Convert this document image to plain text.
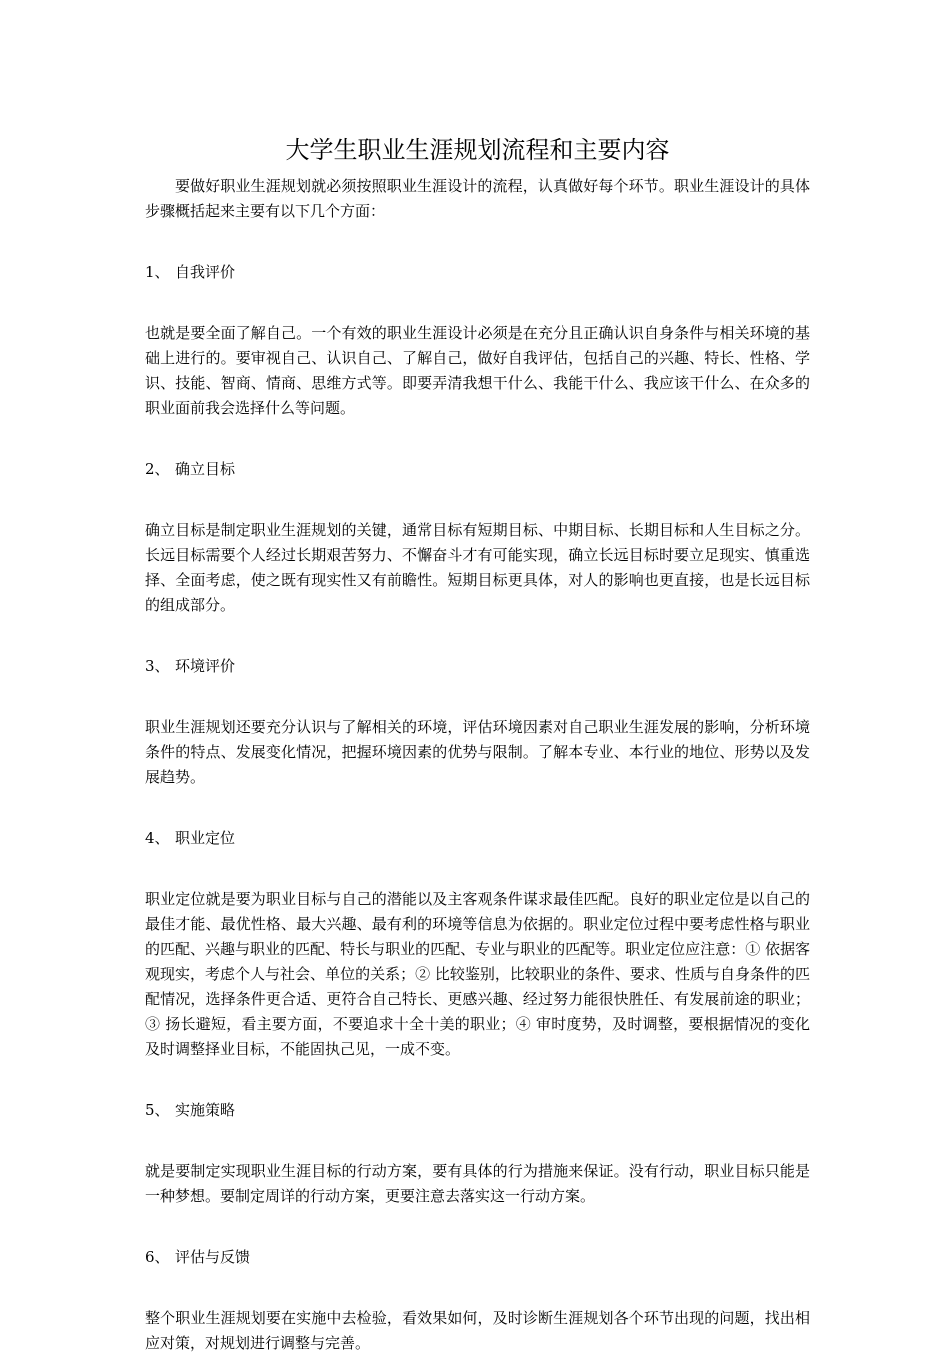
大学生职业生涯规划流程和主要内容

要做好职业生涯规划就必须按照职业生涯设计的流程，认真做好每个环节。职业生涯设计的具体步骤概括起来主要有以下几个方面：

1、 自我评价

也就是要全面了解自己。一个有效的职业生涯设计必须是在充分且正确认识自身条件与相关环境的基础上进行的。要审视自己、认识自己、了解自己，做好自我评估，包括自己的兴趣、特长、性格、学识、技能、智商、情商、思维方式等。即要弄清我想干什么、我能干什么、我应该干什么、在众多的职业面前我会选择什么等问题。

2、 确立目标

确立目标是制定职业生涯规划的关键，通常目标有短期目标、中期目标、长期目标和人生目标之分。长远目标需要个人经过长期艰苦努力、不懈奋斗才有可能实现，确立长远目标时要立足现实、慎重选择、全面考虑，使之既有现实性又有前瞻性。短期目标更具体，对人的影响也更直接，也是长远目标的组成部分。

3、 环境评价

职业生涯规划还要充分认识与了解相关的环境，评估环境因素对自己职业生涯发展的影响，分析环境条件的特点、发展变化情况，把握环境因素的优势与限制。了解本专业、本行业的地位、形势以及发展趋势。

4、 职业定位

职业定位就是要为职业目标与自己的潜能以及主客观条件谋求最佳匹配。良好的职业定位是以自己的最佳才能、最优性格、最大兴趣、最有利的环境等信息为依据的。职业定位过程中要考虑性格与职业的匹配、兴趣与职业的匹配、特长与职业的匹配、专业与职业的匹配等。职业定位应注意：① 依据客观现实，考虑个人与社会、单位的关系；② 比较鉴别，比较职业的条件、要求、性质与自身条件的匹配情况，选择条件更合适、更符合自己特长、更感兴趣、经过努力能很快胜任、有发展前途的职业；③ 扬长避短，看主要方面，不要追求十全十美的职业；④ 审时度势，及时调整，要根据情况的变化及时调整择业目标，不能固执己见，一成不变。

5、 实施策略

就是要制定实现职业生涯目标的行动方案，要有具体的行为措施来保证。没有行动，职业目标只能是一种梦想。要制定周详的行动方案，更要注意去落实这一行动方案。

6、 评估与反馈

整个职业生涯规划要在实施中去检验，看效果如何，及时诊断生涯规划各个环节出现的问题，找出相应对策，对规划进行调整与完善。
